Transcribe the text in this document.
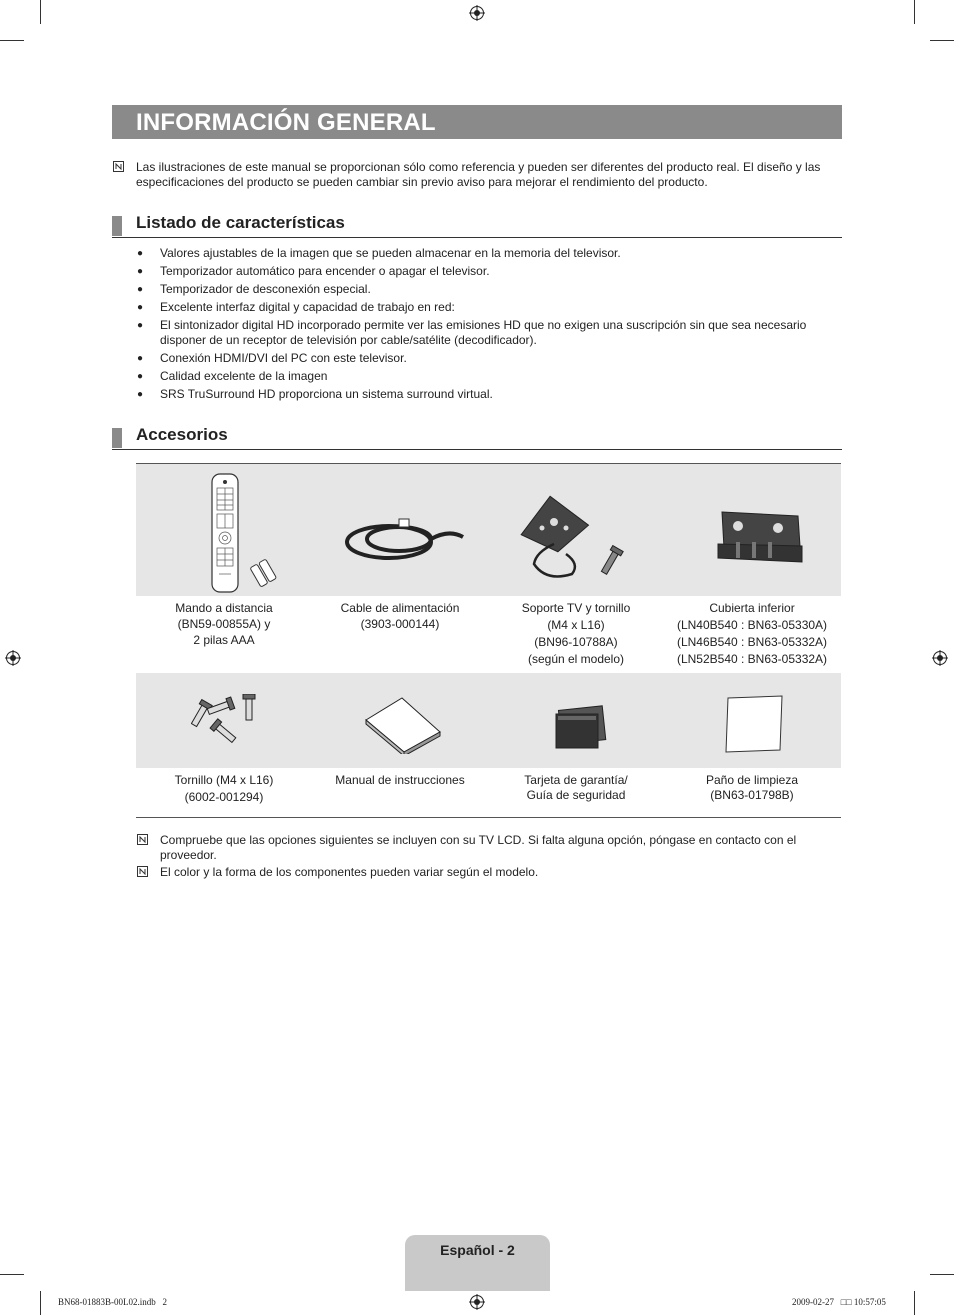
INFORMACIÓN GENERAL
Las ilustraciones de este manual se proporcionan sólo como referencia y pueden ser diferentes del producto real. El diseño y las especificaciones del producto se pueden cambiar sin previo aviso para mejorar el rendimiento del producto.
Listado de características
● Valores ajustables de la imagen que se pueden almacenar en la memoria del televisor.
● Temporizador automático para encender o apagar el televisor.
● Temporizador de desconexión especial.
● Excelente interfaz digital y capacidad de trabajo en red:
● El sintonizador digital HD incorporado permite ver las emisiones HD que no exigen una suscripción sin que sea necesario disponer de un receptor de televisión por cable/satélite (decodificador).
● Conexión HDMI/DVI del PC con este televisor.
● Calidad excelente de la imagen
● SRS TruSurround HD proporciona un sistema surround virtual.
Accesorios
Mando a distancia
(BN59-00855A) y
2 pilas AAA
Cable de alimentación
(3903-000144)
Soporte TV y tornillo
(M4 x L16)
(BN96-10788A)
(según el modelo)
Cubierta inferior
(LN40B540 : BN63-05330A)
(LN46B540 : BN63-05332A)
(LN52B540 : BN63-05332A)
Tornillo (M4 x L16)
(6002-001294)
Manual de instrucciones	Tarjeta de garantía/
Guía de seguridad
Paño de limpieza
(BN63-01798B)
Compruebe que las opciones siguientes se incluyen con su TV LCD. Si falta alguna opción, póngase en contacto con el proveedor.
El color y la forma de los componentes pueden variar según el modelo.
Español - 2
BN68-01883B-00L02.indb   2	2009-02-27   □□ 10:57:05
